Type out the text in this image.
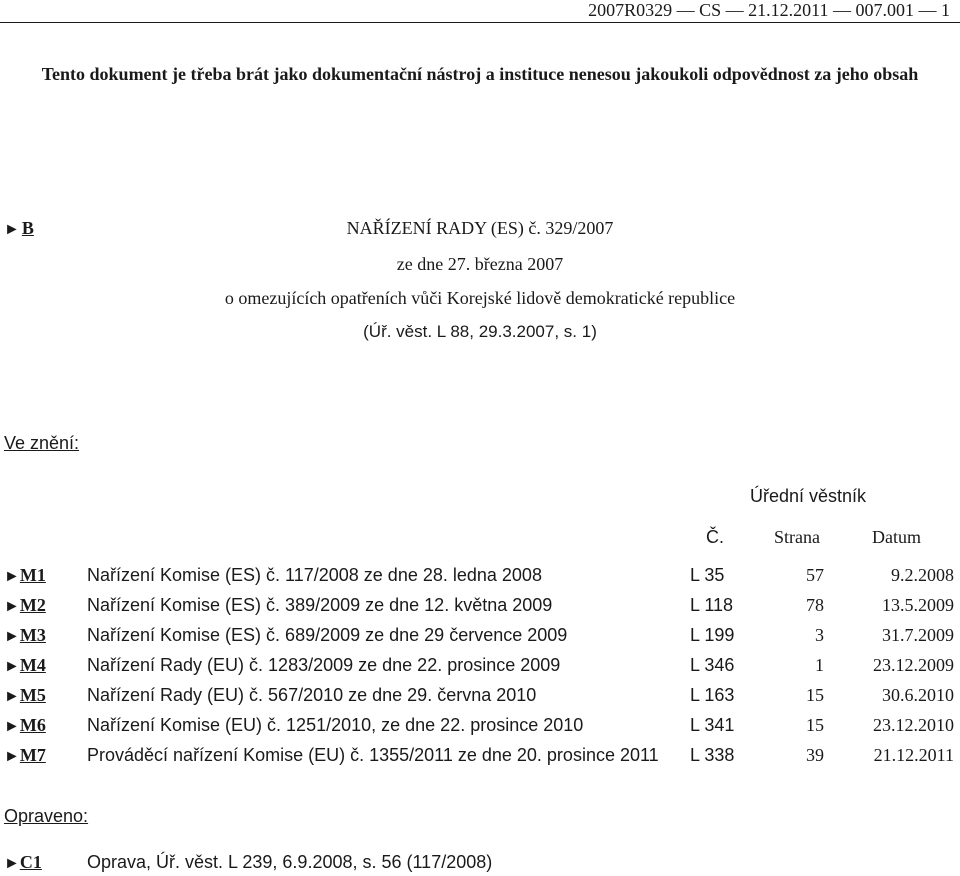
2007R0329 — CS — 21.12.2011 — 007.001 — 1
Tento dokument je třeba brát jako dokumentační nástroj a instituce nenesou jakoukoli odpovědnost za jeho obsah
► B	NAŘÍZENÍ RADY (ES) č. 329/2007
ze dne 27. března 2007
o omezujících opatřeních vůči Korejské lidově demokratické republice
(Úř. věst. L 88, 29.3.2007, s. 1)
Ve znění:
Úřední věstník
Č.	Strana	Datum
►M1 Nařízení Komise (ES) č. 117/2008 ze dne 28. ledna 2008	L 35	57	9.2.2008
►M2 Nařízení Komise (ES) č. 389/2009 ze dne 12. května 2009	L 118	78	13.5.2009
►M3 Nařízení Komise (ES) č. 689/2009 ze dne 29 července 2009	L 199	3	31.7.2009
►M4 Nařízení Rady (EU) č. 1283/2009 ze dne 22. prosince 2009	L 346	1	23.12.2009
►M5 Nařízení Rady (EU) č. 567/2010 ze dne 29. června 2010	L 163	15	30.6.2010
►M6 Nařízení Komise (EU) č. 1251/2010, ze dne 22. prosince 2010	L 341	15	23.12.2010
►M7 Prováděcí nařízení Komise (EU) č. 1355/2011 ze dne 20. prosince 2011 L 338	39	21.12.2011
Opraveno:
►C1	Oprava, Úř. věst. L 239, 6.9.2008, s. 56 (117/2008)
